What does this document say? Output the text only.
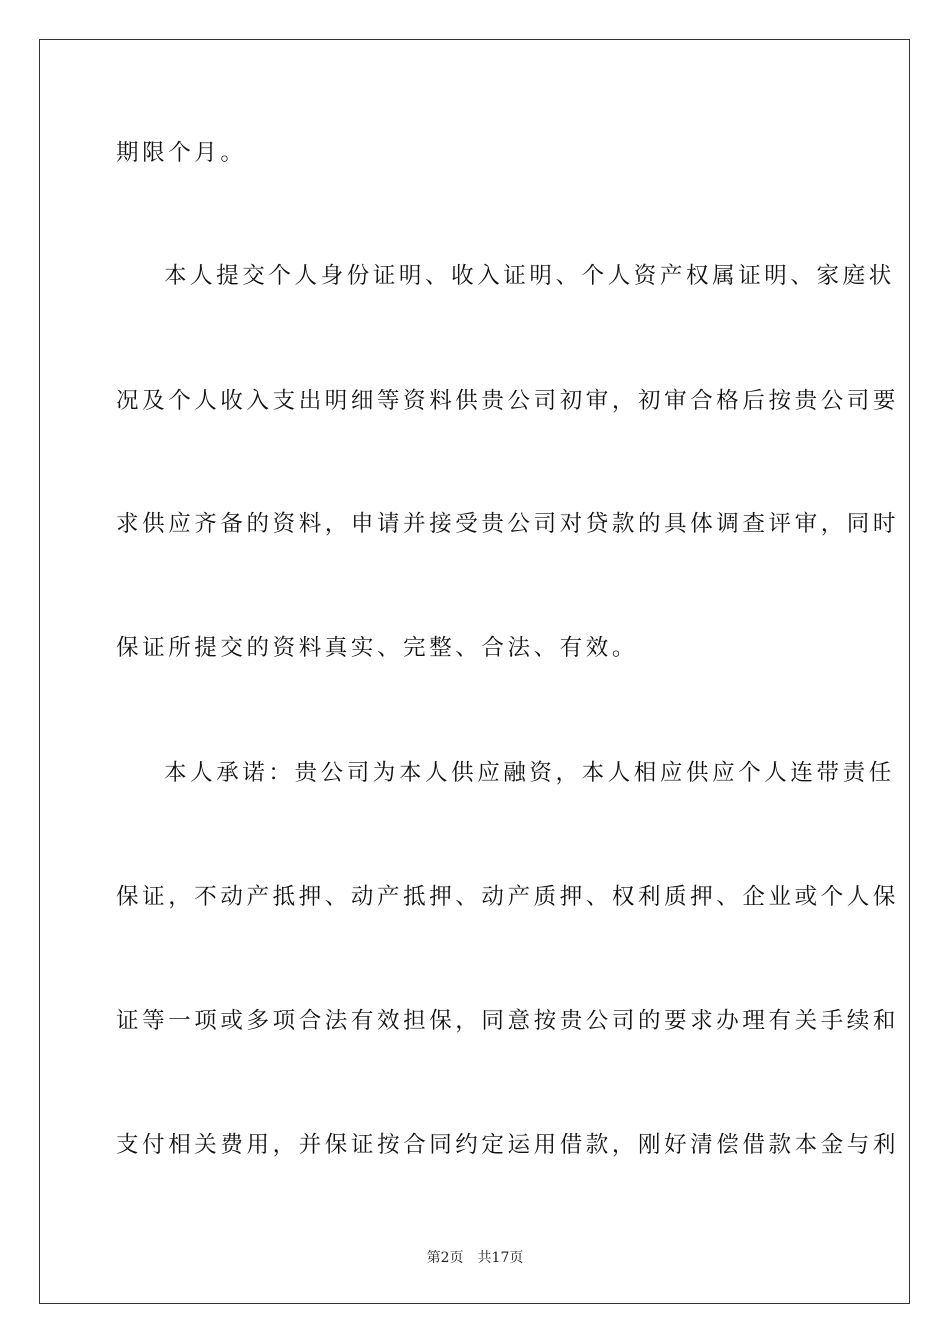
期限个月。
本人提交个人身份证明、收入证明、个人资产权属证明、家庭状
况及个人收入支出明细等资料供贵公司初审，初审合格后按贵公司要
求供应齐备的资料，申请并接受贵公司对贷款的具体调查评审，同时
保证所提交的资料真实、完整、合法、有效。
本人承诺：贵公司为本人供应融资，本人相应供应个人连带责任
保证，不动产抵押、动产抵押、动产质押、权利质押、企业或个人保
证等一项或多项合法有效担保，同意按贵公司的要求办理有关手续和
支付相关费用，并保证按合同约定运用借款，刚好清偿借款本金与利
第2页 共17页
